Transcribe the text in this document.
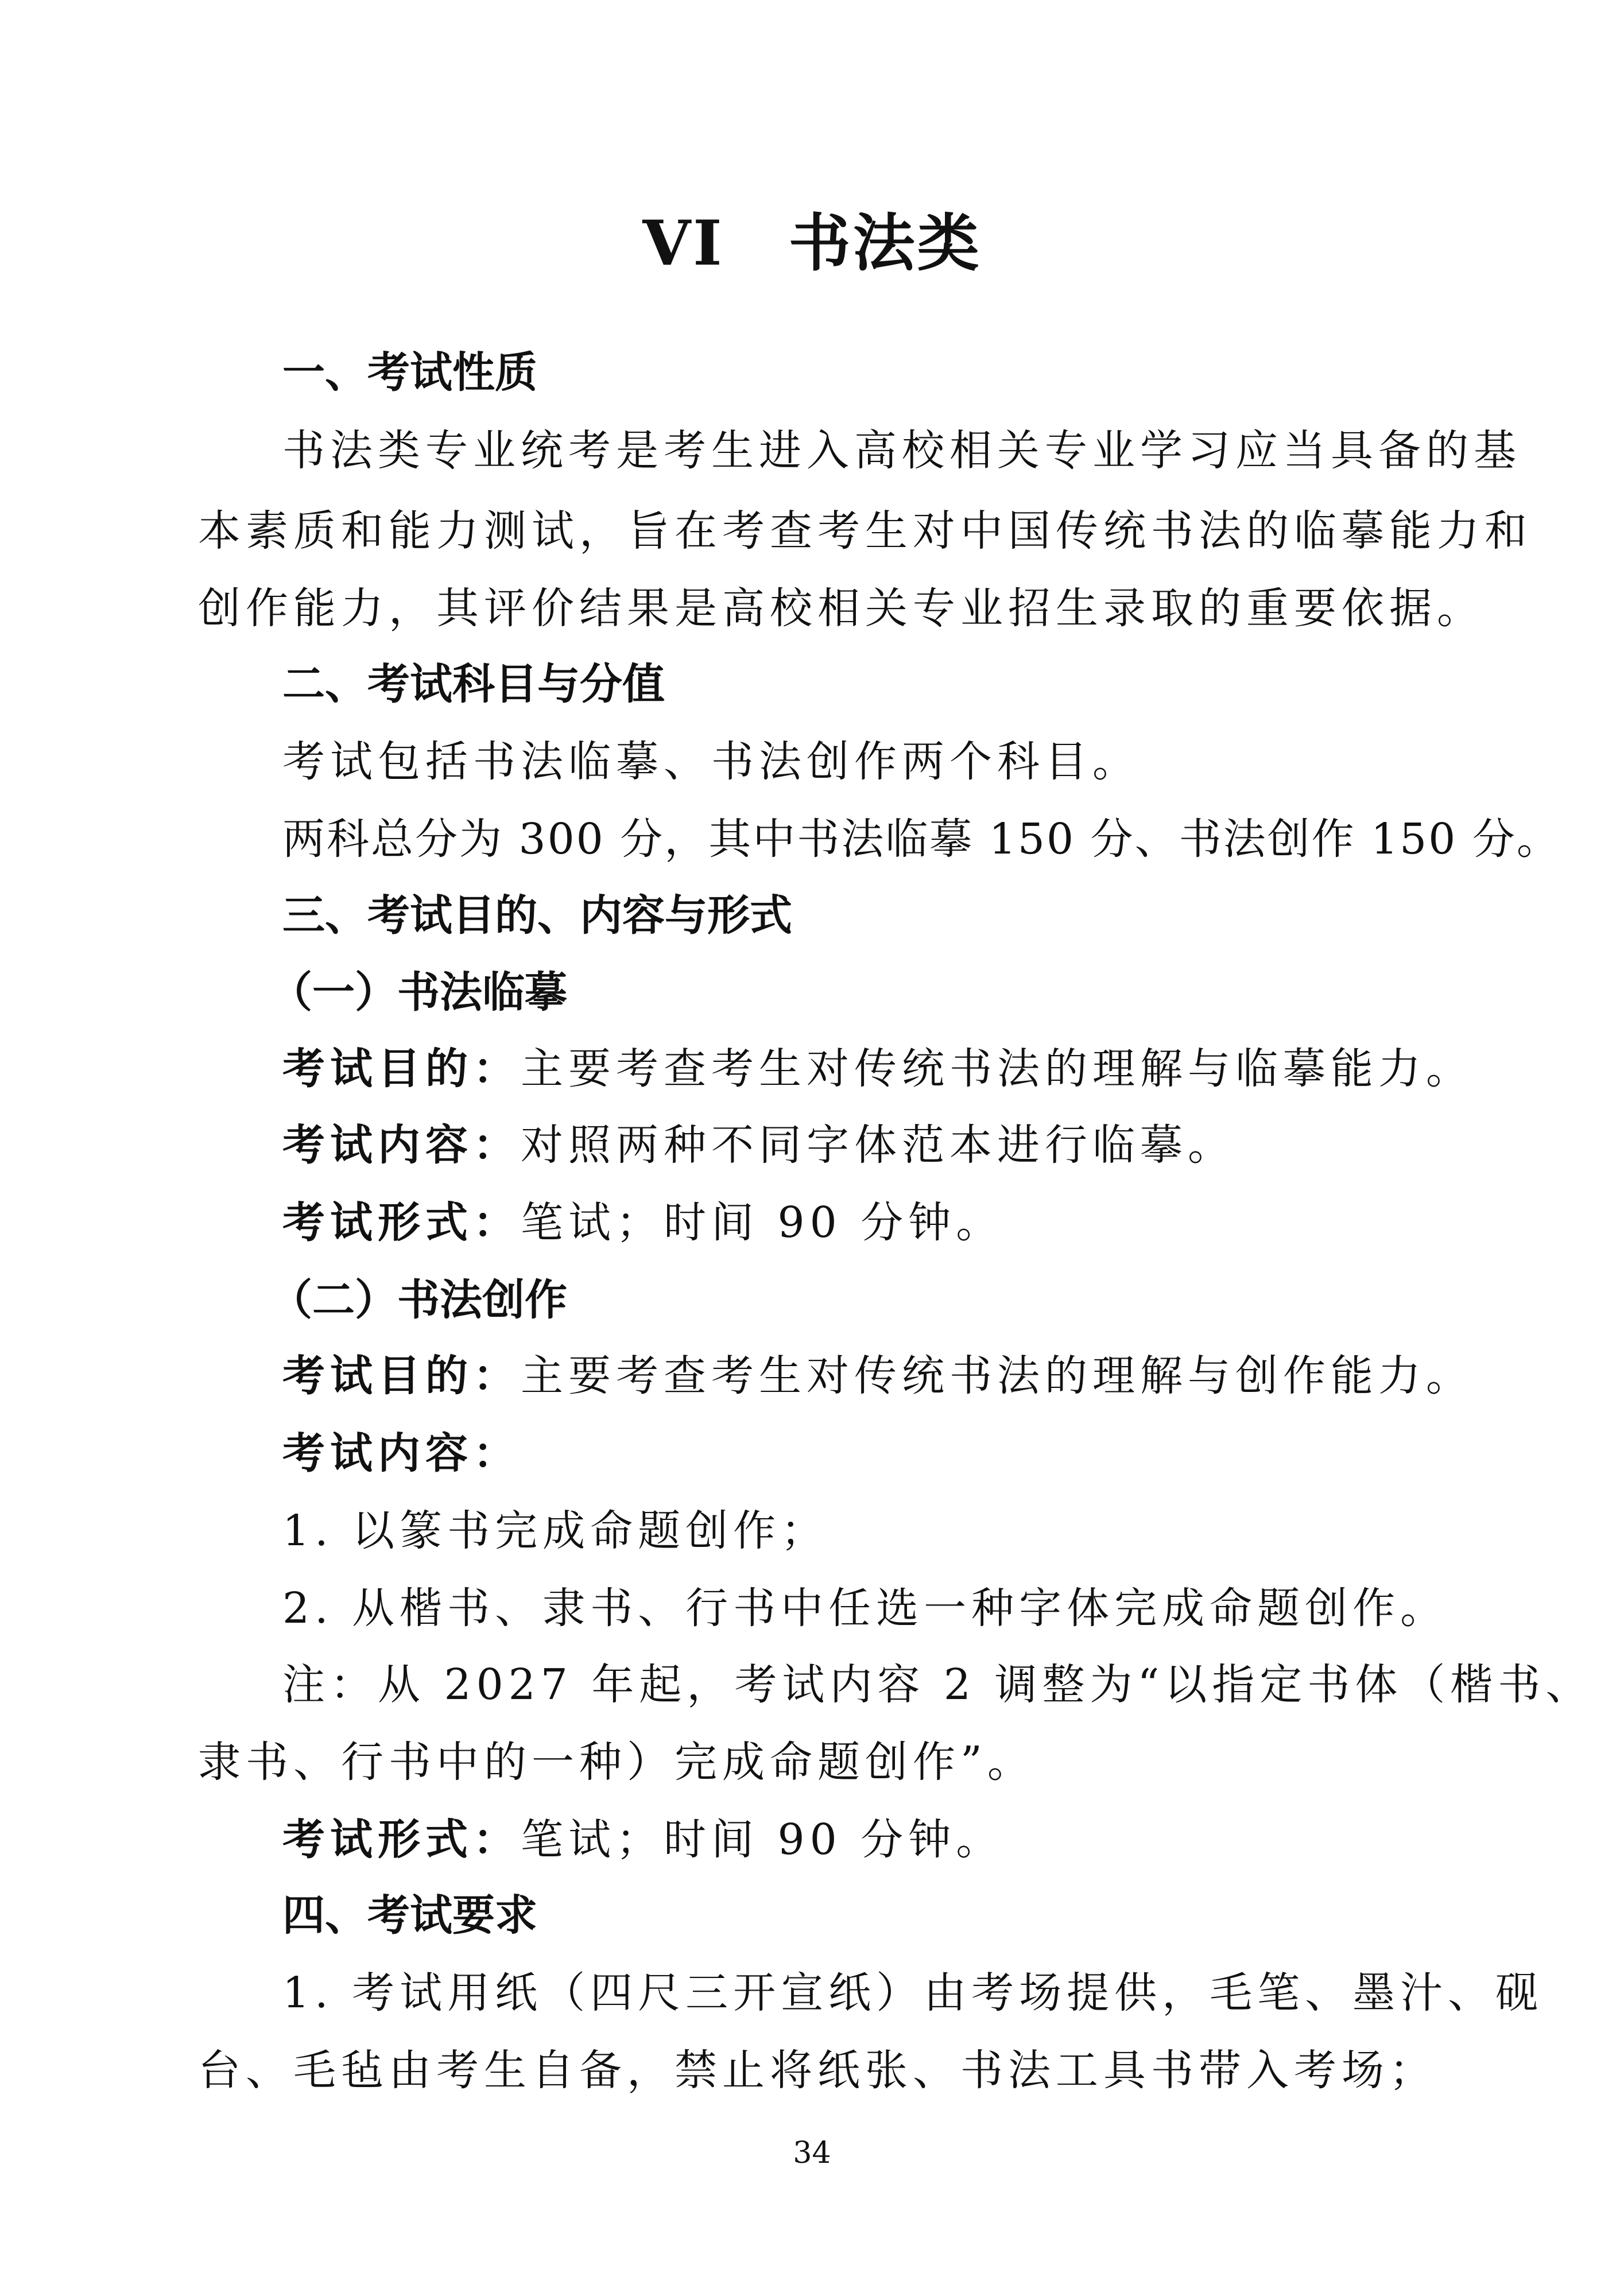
VI　书法类
一、考试性质
书法类专业统考是考生进入高校相关专业学习应当具备的基
本素质和能力测试，旨在考查考生对中国传统书法的临摹能力和
创作能力，其评价结果是高校相关专业招生录取的重要依据。
二、考试科目与分值
考试包括书法临摹、书法创作两个科目。
两科总分为 300 分，其中书法临摹 150 分、书法创作 150 分。
三、考试目的、内容与形式
（一）书法临摹
考试目的：主要考查考生对传统书法的理解与临摹能力。
考试内容：对照两种不同字体范本进行临摹。
考试形式：笔试；时间 90 分钟。
（二）书法创作
考试目的：主要考查考生对传统书法的理解与创作能力。
考试内容：
1. 以篆书完成命题创作；
2. 从楷书、隶书、行书中任选一种字体完成命题创作。
注：从 2027 年起，考试内容 2 调整为“以指定书体（楷书、
隶书、行书中的一种）完成命题创作”。
考试形式：笔试；时间 90 分钟。
四、考试要求
1. 考试用纸（四尺三开宣纸）由考场提供，毛笔、墨汁、砚
台、毛毡由考生自备，禁止将纸张、书法工具书带入考场；
34
